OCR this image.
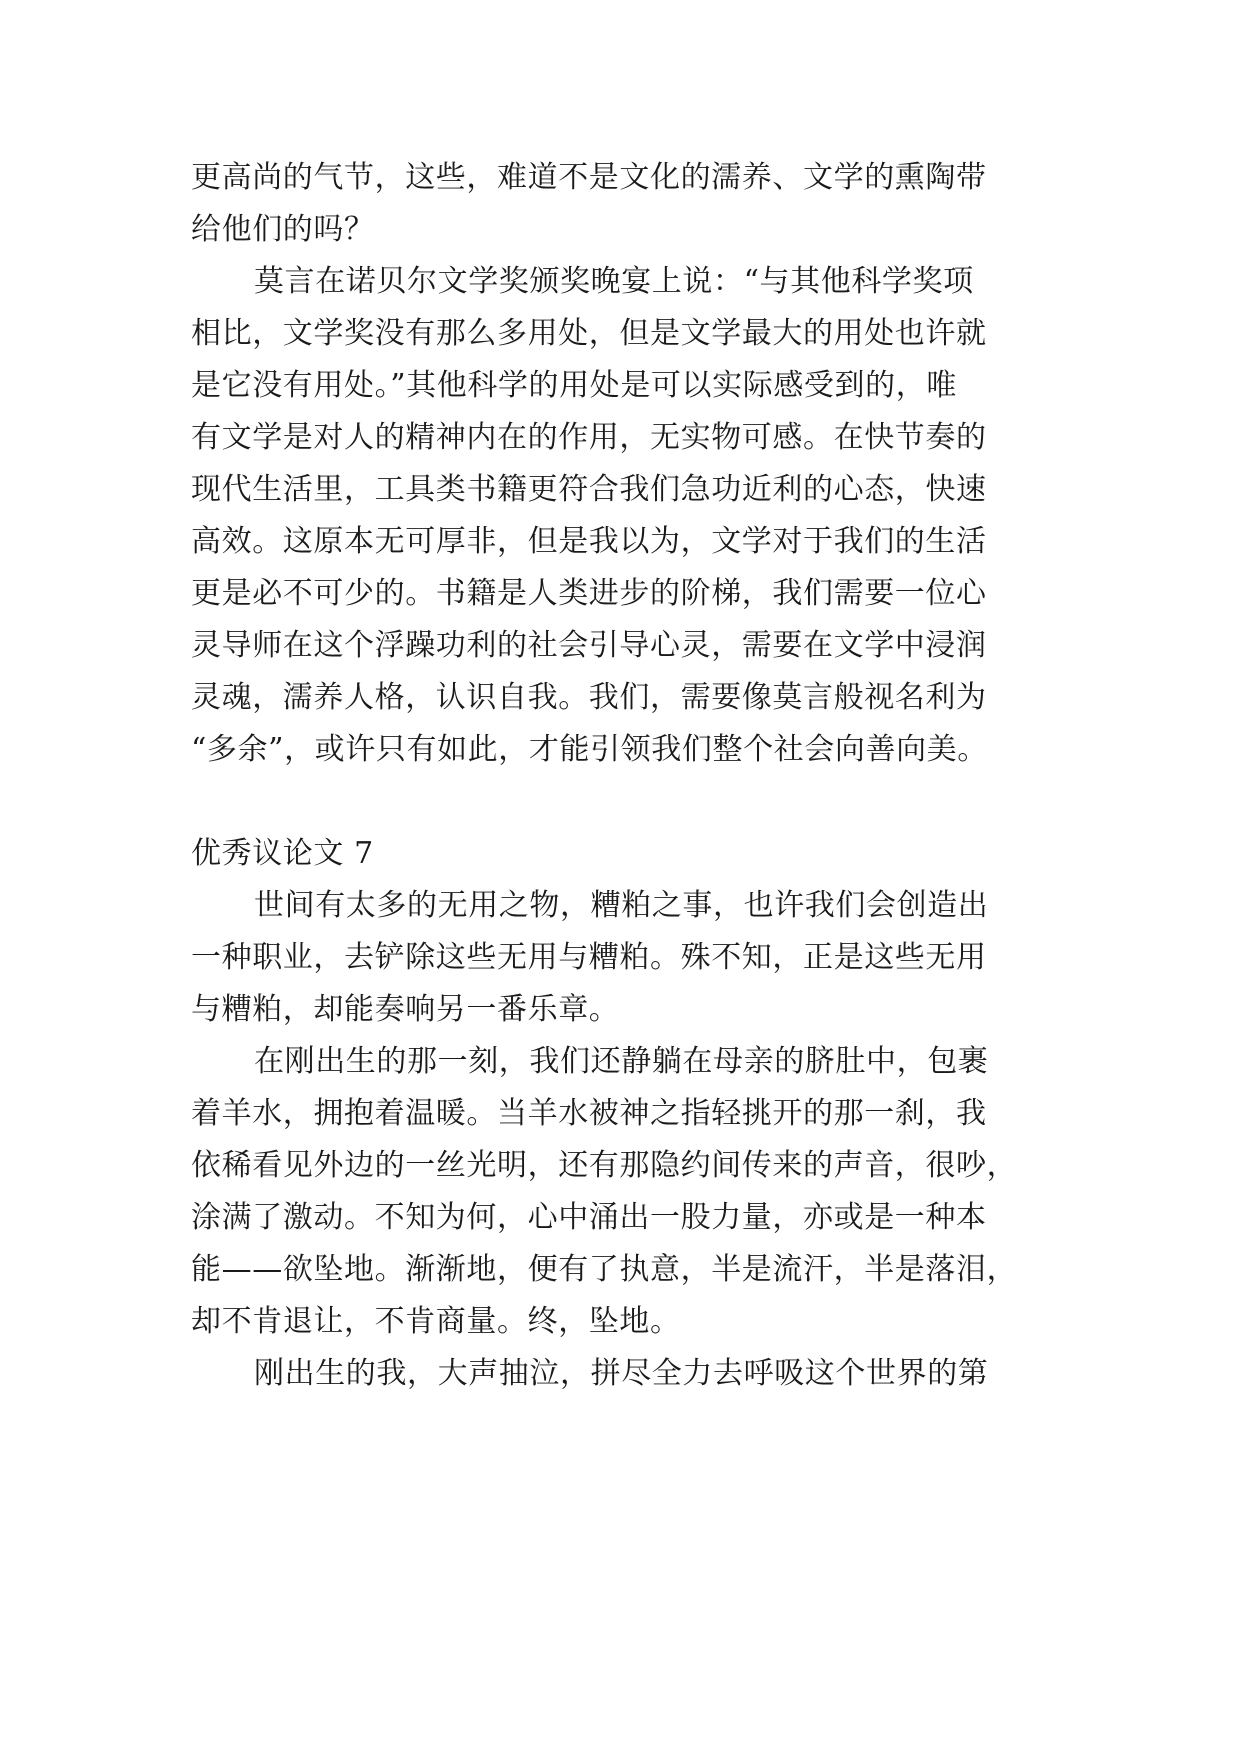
更高尚的气节，这些，难道不是文化的濡养、文学的熏陶带
给他们的吗？
莫言在诺贝尔文学奖颁奖晚宴上说：“与其他科学奖项
相比，文学奖没有那么多用处，但是文学最大的用处也许就
是它没有用处。”其他科学的用处是可以实际感受到的，唯
有文学是对人的精神内在的作用，无实物可感。在快节奏的
现代生活里，工具类书籍更符合我们急功近利的心态，快速
高效。这原本无可厚非，但是我以为，文学对于我们的生活
更是必不可少的。书籍是人类进步的阶梯，我们需要一位心
灵导师在这个浮躁功利的社会引导心灵，需要在文学中浸润
灵魂，濡养人格，认识自我。我们，需要像莫言般视名利为
“多余”，或许只有如此，才能引领我们整个社会向善向美。
优秀议论文 7
世间有太多的无用之物，糟粕之事，也许我们会创造出
一种职业，去铲除这些无用与糟粕。殊不知，正是这些无用
与糟粕，却能奏响另一番乐章。
在刚出生的那一刻，我们还静躺在母亲的脐肚中，包裹
着羊水，拥抱着温暖。当羊水被神之指轻挑开的那一刹，我
依稀看见外边的一丝光明，还有那隐约间传来的声音，很吵，
涂满了激动。不知为何，心中涌出一股力量，亦或是一种本
能——欲坠地。渐渐地，便有了执意，半是流汗，半是落泪，
却不肯退让，不肯商量。终，坠地。
刚出生的我，大声抽泣，拼尽全力去呼吸这个世界的第
